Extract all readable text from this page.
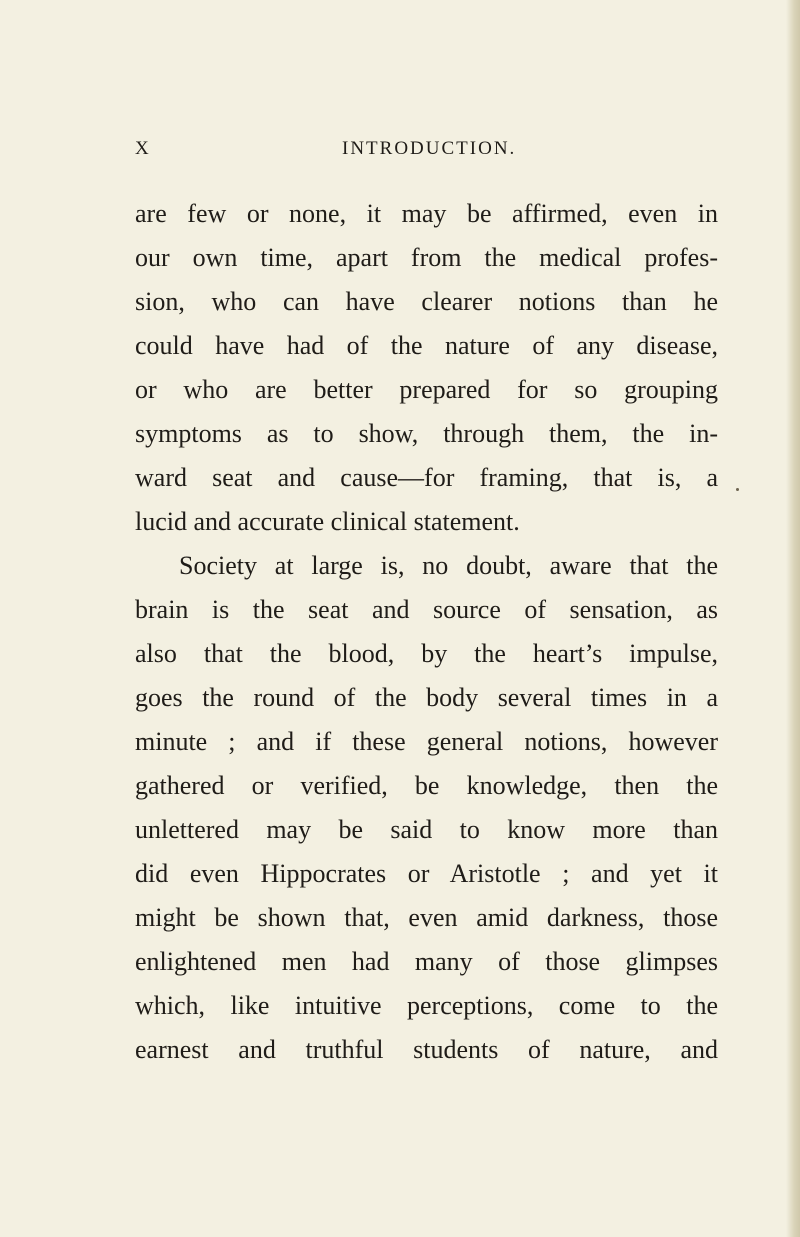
X	INTRODUCTION.
are few or none, it may be affirmed, even in
our own time, apart from the medical profes-
sion, who can have clearer notions than he
could have had of the nature of any disease,
or who are better prepared for so grouping
symptoms as to show, through them, the in-
ward seat and cause—for framing, that is, a
lucid and accurate clinical statement.
Society at large is, no doubt, aware that the
brain is the seat and source of sensation, as
also that the blood, by the heart’s impulse,
goes the round of the body several times in a
minute ; and if these general notions, however
gathered or verified, be knowledge, then the
unlettered may be said to know more than
did even Hippocrates or Aristotle ; and yet it
might be shown that, even amid darkness, those
enlightened men had many of those glimpses
which, like intuitive perceptions, come to the
earnest and truthful students of nature, and
